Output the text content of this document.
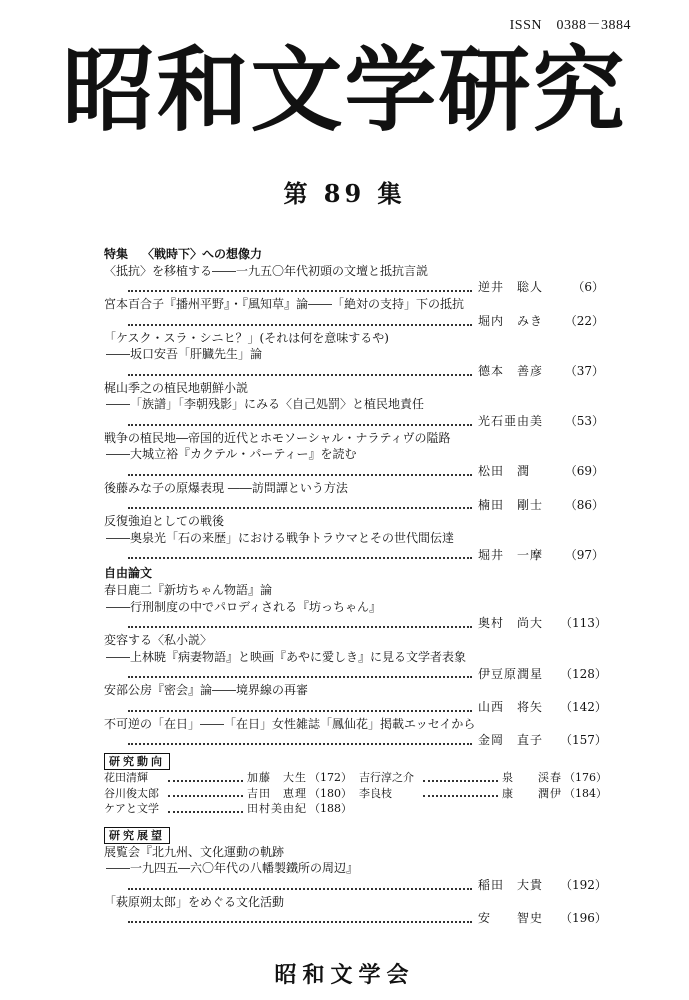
ISSN　0388－3884
昭和文学研究
第 89 集
特集 〈戦時下〉への想像力
〈抵抗〉を移植する――一九五〇年代初頭の文壇と抵抗言説
逆井　聡人	（6）
宮本百合子『播州平野』・『風知草』論――「絶対の支持」下の抵抗
堀内　みき	（22）
「ケスク・スラ・シニヒ？」(それは何を意味するや)
――坂口安吾「肝臓先生」論
德本　善彦	（37）
梶山季之の植民地朝鮮小説
――「族譜」「李朝残影」にみる〈自己処罰〉と植民地責任
光石亜由美	（53）
戦争の植民地―帝国的近代とホモソーシャル・ナラティヴの隘路
――大城立裕『カクテル・パーティー』を読む
松田　潤	（69）
後藤みな子の原爆表現 ――訪問譚という方法
楠田　剛士	（86）
反復強迫としての戦後
――奥泉光「石の来歴」における戦争トラウマとその世代間伝達
堀井　一摩	（97）
自由論文
春日鹿二『新坊ちゃん物語』論
――行刑制度の中でパロディされる『坊っちゃん』
奥村　尚大	（113）
変容する〈私小説〉
――上林暁『病妻物語』と映画『あやに愛しき』に見る文学者表象
伊豆原潤星	（128）
安部公房『密会』論――境界線の再審
山西　将矢	（142）
不可逆の「在日」――「在日」女性雑誌「鳳仙花」掲載エッセイから
金岡　直子	（157）
研究動向
花田清輝	加藤　大生 （172） 吉行淳之介	泉　　渓春 （176）
谷川俊太郎	吉田　恵理 （180） 李良枝	康　　潤伊 （184）
ケアと文学	田村美由紀 （188）
研究展望
展覧会『北九州、文化運動の軌跡
――一九四五―六〇年代の八幡製鐵所の周辺』
稲田　大貴	（192）
「萩原朔太郎」をめぐる文化活動
安　　智史	（196）
昭和文学会
